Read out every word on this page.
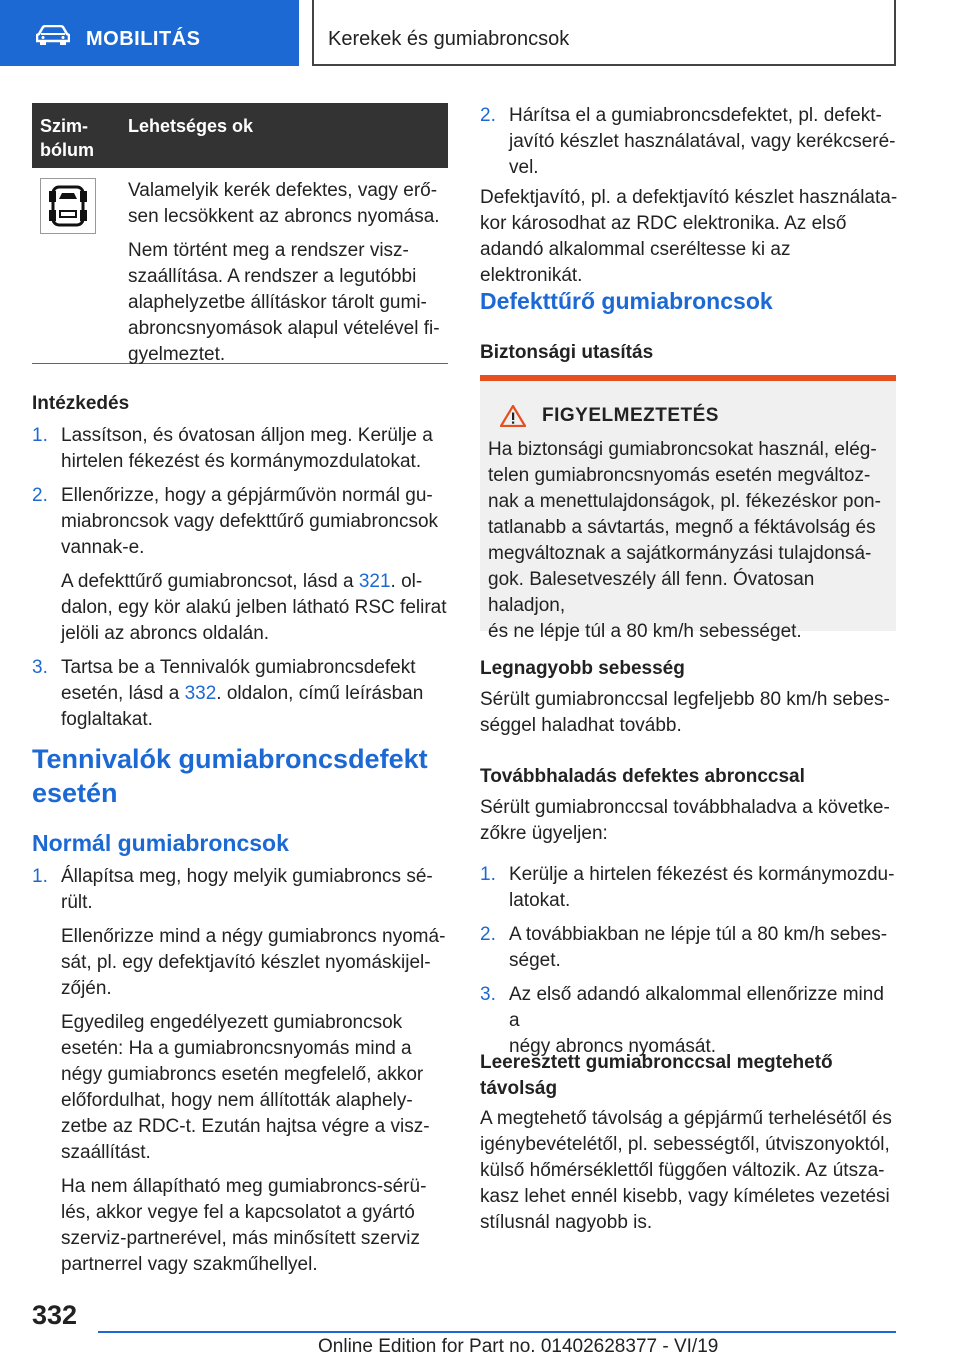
MOBILITÁS	Kerekek és gumiabroncsok
Szim-
bólum
Lehetséges ok

Valamelyik kerék defektes, vagy erő-
sen lecsökkent az abroncs nyomása.

Nem történt meg a rendszer visz-
szaállítása. A rendszer a legutóbbi
alaphelyzetbe állításkor tárolt gumi-
abroncsnyomások alapul vételével fi-
gyelmeztet.

Intézkedés
1. Lassítson, és óvatosan álljon meg. Kerülje a
hirtelen fékezést és kormánymozdulatokat.
2. Ellenőrizze, hogy a gépjárművön normál gu-
miabroncsok vagy defekttűrő gumiabroncsok
vannak-e.
A defekttűrő gumiabroncsot, lásd a 321. ol-
dalon, egy kör alakú jelben látható RSC felirat
jelöli az abroncs oldalán.
3. Tartsa be a Tennivalók gumiabroncsdefekt
esetén, lásd a 332. oldalon, című leírásban
foglaltakat.
Tennivalók gumiabroncsdefekt
esetén
Normál gumiabroncsok
1. Állapítsa meg, hogy melyik gumiabroncs sé-
rült.
Ellenőrizze mind a négy gumiabroncs nyomá-
sát, pl. egy defektjavító készlet nyomáskijel-
zőjén.
Egyedileg engedélyezett gumiabroncsok
esetén: Ha a gumiabroncsnyomás mind a
négy gumiabroncs esetén megfelelő, akkor
előfordulhat, hogy nem állították alaphely-
zetbe az RDC-t. Ezután hajtsa végre a visz-
szaállítást.
Ha nem állapítható meg gumiabroncs-sérü-
lés, akkor vegye fel a kapcsolatot a gyártó
szerviz-partnerével, más minősített szerviz
partnerrel vagy szakműhellyel.
2. Hárítsa el a gumiabroncsdefektet, pl. defekt-
javító készlet használatával, vagy kerékcseré-
vel.
Defektjavító, pl. a defektjavító készlet használata-
kor károsodhat az RDC elektronika. Az első
adandó alkalommal cseréltesse ki az elektronikát.
Defekttűrő gumiabroncsok
Biztonsági utasítás
FIGYELMEZTETÉS
Ha biztonsági gumiabroncsokat használ, elég-
telen gumiabroncsnyomás esetén megváltoz-
nak a menettulajdonságok, pl. fékezéskor pon-
tatlanabb a sávtartás, megnő a féktávolság és
megváltoznak a sajátkormányzási tulajdonsá-
gok. Balesetveszély áll fenn. Óvatosan haladjon,
és ne lépje túl a 80 km/h sebességet.
Legnagyobb sebesség
Sérült gumiabronccsal legfeljebb 80 km/h sebes-
séggel haladhat tovább.
Továbbhaladás defektes abronccsal
Sérült gumiabronccsal továbbhaladva a követke-
zőkre ügyeljen:
1. Kerülje a hirtelen fékezést és kormánymozdu-
latokat.
2. A továbbiakban ne lépje túl a 80 km/h sebes-
séget.
3. Az első adandó alkalommal ellenőrizze mind a
négy abroncs nyomását.
Leeresztett gumiabronccsal megtehető
távolság
A megtehető távolság a gépjármű terhelésétől és
igénybevételétől, pl. sebességtől, útviszonyoktól,
külső hőmérséklettől függően változik. Az útsza-
kasz lehet ennél kisebb, vagy kíméletes vezetési
stílusnál nagyobb is.
332
Online Edition for Part no. 01402628377 - VI/19
